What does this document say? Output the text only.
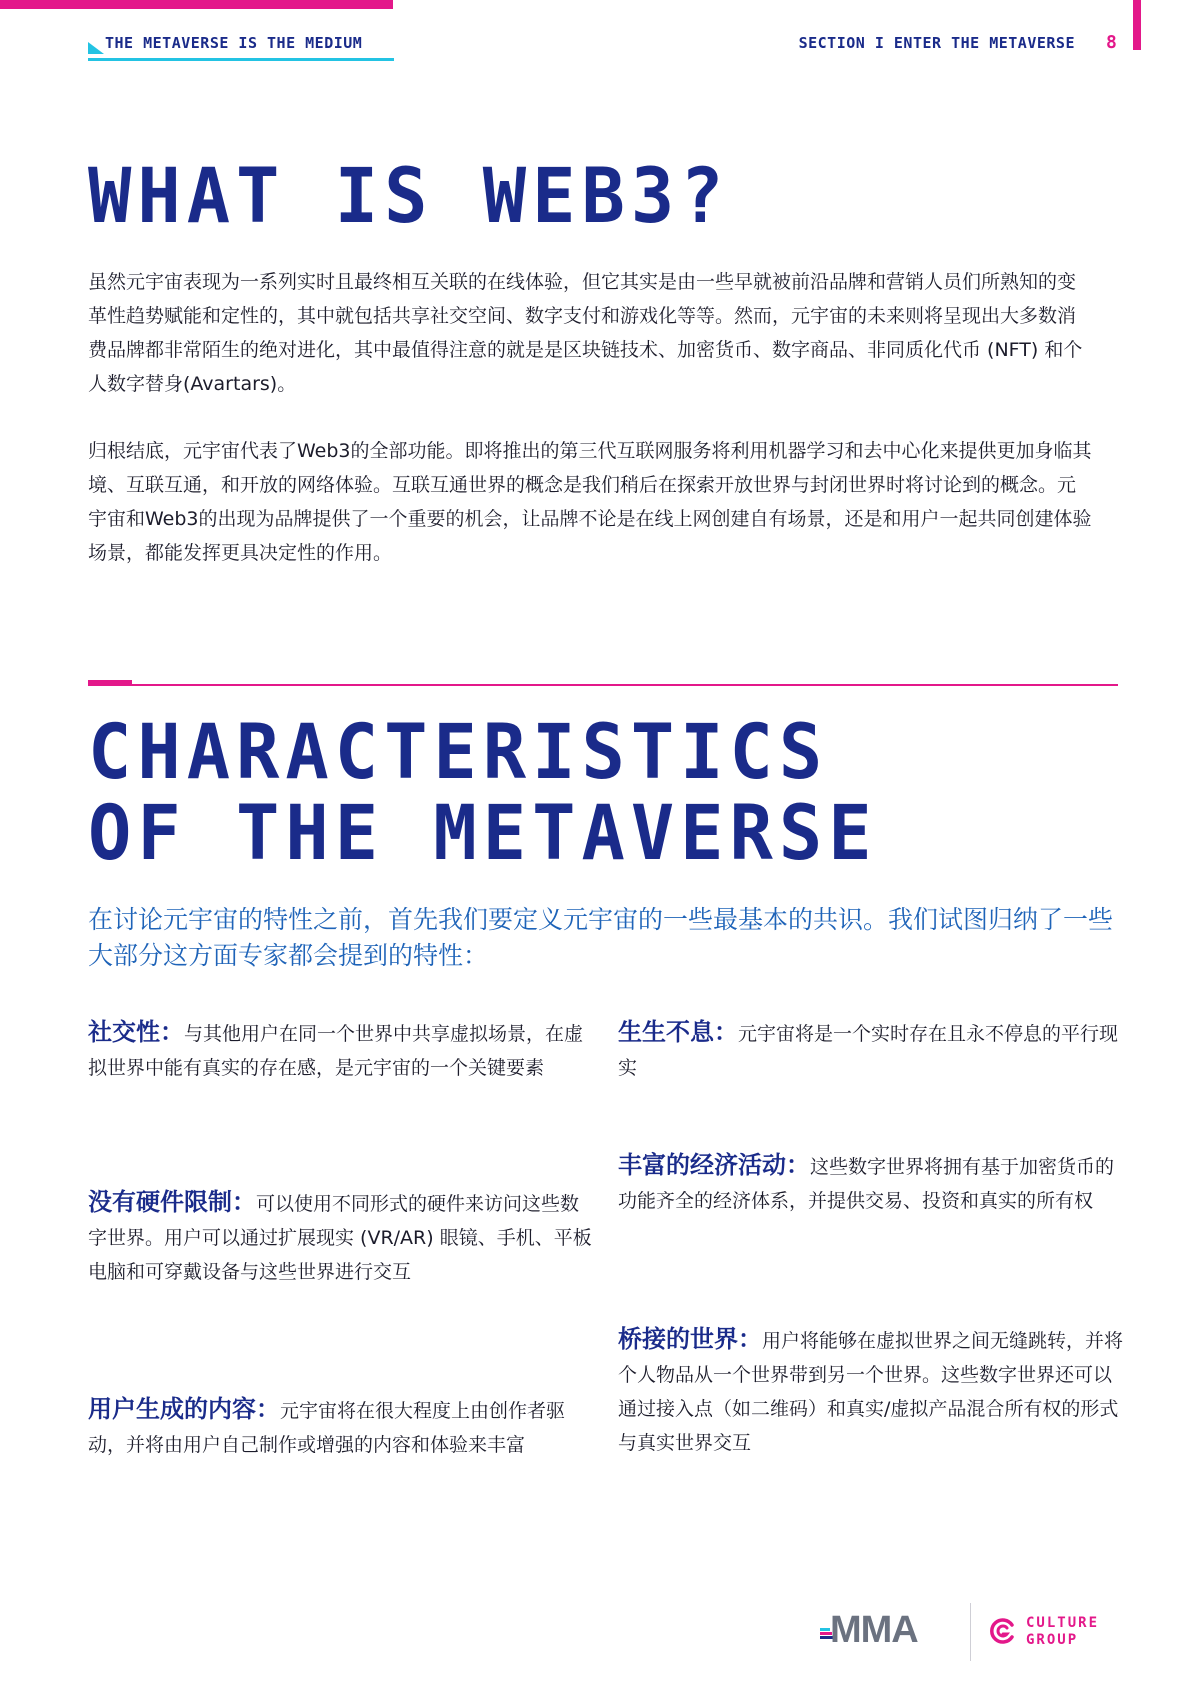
THE METAVERSE IS THE MEDIUM	SECTION I ENTER THE METAVERSE 8
WHAT IS WEB3?

虽然元宇宙表现为一系列实时且最终相互关联的在线体验，但它其实是由一些早就被前沿品牌和营销人员们所熟知的变革性趋势赋能和定性的，其中就包括共享社交空间、数字支付和游戏化等等。然而，元宇宙的未来则将呈现出大多数消费品牌都非常陌生的绝对进化，其中最值得注意的就是是区块链技术、加密货币、数字商品、非同质化代币 (NFT) 和个人数字替身(Avartars)。

归根结底，元宇宙代表了Web3的全部功能。即将推出的第三代互联网服务将利用机器学习和去中心化来提供更加身临其境、互联互通，和开放的网络体验。互联互通世界的概念是我们稍后在探索开放世界与封闭世界时将讨论到的概念。元宇宙和Web3的出现为品牌提供了一个重要的机会，让品牌不论是在线上网创建自有场景，还是和用户一起共同创建体验场景，都能发挥更具决定性的作用。

CHARACTERISTICS
OF THE METAVERSE

在讨论元宇宙的特性之前，首先我们要定义元宇宙的一些最基本的共识。我们试图归纳了一些大部分这方面专家都会提到的特性：

社交性：与其他用户在同一个世界中共享虚拟场景，在虚拟世界中能有真实的存在感，是元宇宙的一个关键要素
没有硬件限制：可以使用不同形式的硬件来访问这些数字世界。用户可以通过扩展现实 (VR/AR) 眼镜、手机、平板电脑和可穿戴设备与这些世界进行交互
用户生成的内容：元宇宙将在很大程度上由创作者驱动，并将由用户自己制作或增强的内容和体验来丰富
生生不息：元宇宙将是一个实时存在且永不停息的平行现实
丰富的经济活动：这些数字世界将拥有基于加密货币的功能齐全的经济体系，并提供交易、投资和真实的所有权
桥接的世界：用户将能够在虚拟世界之间无缝跳转，并将个人物品从一个世界带到另一个世界。这些数字世界还可以通过接入点（如二维码）和真实/虚拟产品混合所有权的形式与真实世界交互
MMA	CULTURE
GROUP
